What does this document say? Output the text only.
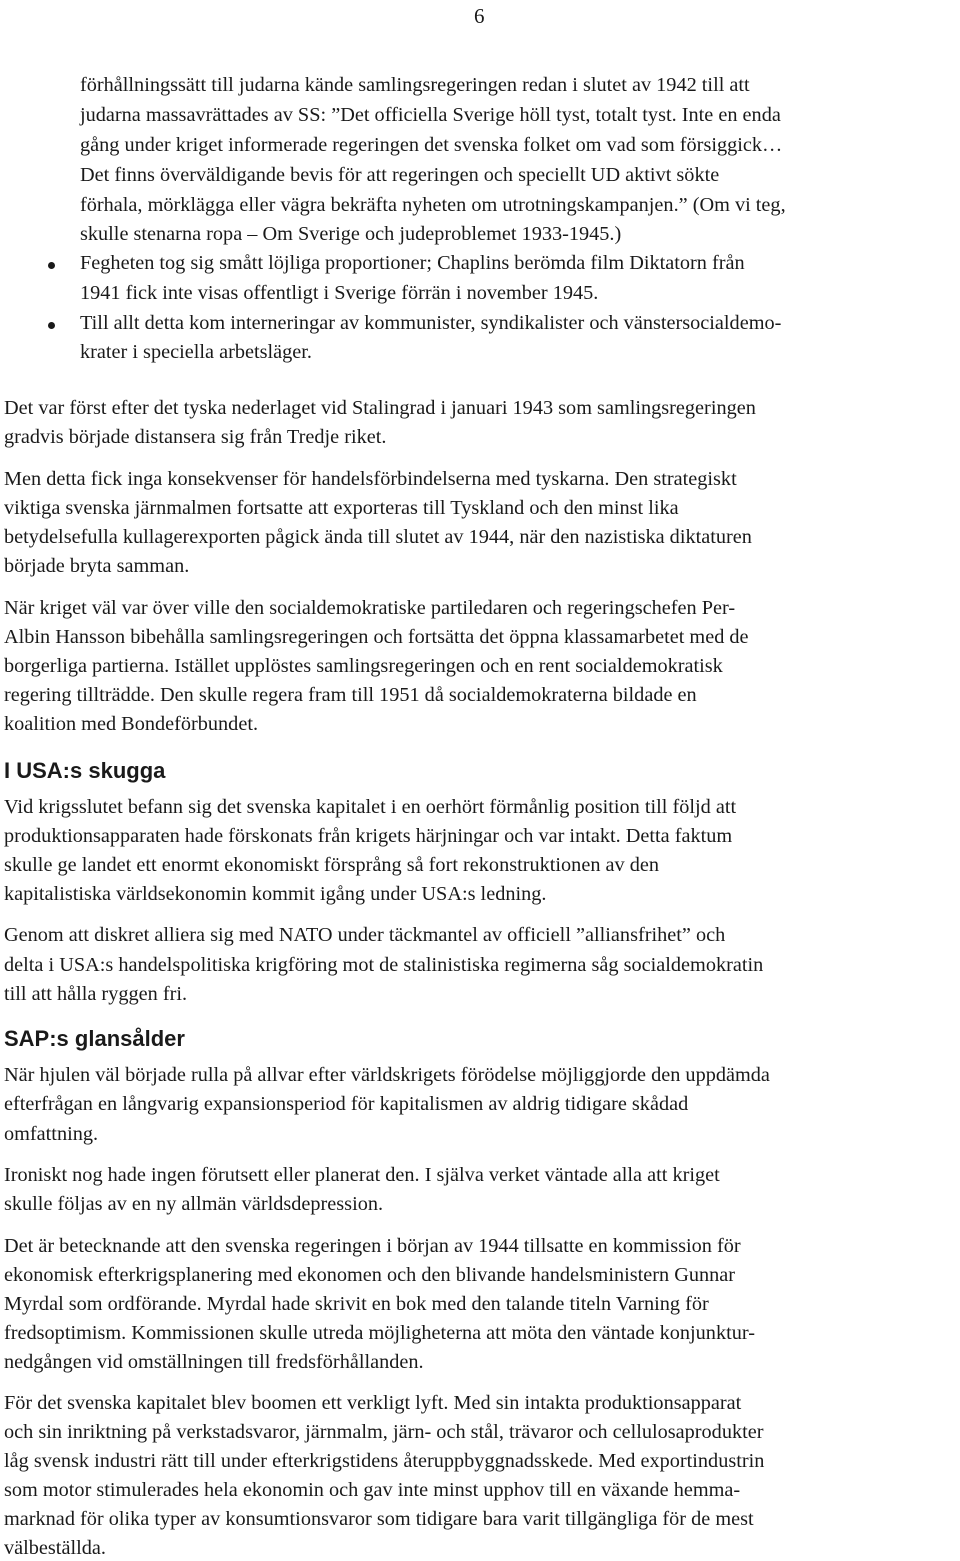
6
förhållningssätt till judarna kände samlingsregeringen redan i slutet av 1942 till att
judarna massavrättades av SS: ”Det officiella Sverige höll tyst, totalt tyst. Inte en enda
gång under kriget informerade regeringen det svenska folket om vad som försiggick…
Det finns överväldigande bevis för att regeringen och speciellt UD aktivt sökte
förhala, mörklägga eller vägra bekräfta nyheten om utrotningskampanjen.” (Om vi teg,
skulle stenarna ropa – Om Sverige och judeproblemet 1933-1945.)
Fegheten tog sig smått löjliga proportioner; Chaplins berömda film Diktatorn från
1941 fick inte visas offentligt i Sverige förrän i november 1945.
Till allt detta kom interneringar av kommunister, syndikalister och vänstersocialdemo-
krater i speciella arbetsläger.
Det var först efter det tyska nederlaget vid Stalingrad i januari 1943 som samlingsregeringen
gradvis började distansera sig från Tredje riket.
Men detta fick inga konsekvenser för handelsförbindelserna med tyskarna. Den strategiskt
viktiga svenska järnmalmen fortsatte att exporteras till Tyskland och den minst lika
betydelsefulla kullagerexporten pågick ända till slutet av 1944, när den nazistiska diktaturen
började bryta samman.
När kriget väl var över ville den socialdemokratiske partiledaren och regeringschefen Per-
Albin Hansson bibehålla samlingsregeringen och fortsätta det öppna klassamarbetet med de
borgerliga partierna. Istället upplöstes samlingsregeringen och en rent socialdemokratisk
regering tillträdde. Den skulle regera fram till 1951 då socialdemokraterna bildade en
koalition med Bondeförbundet.
I USA:s skugga
Vid krigsslutet befann sig det svenska kapitalet i en oerhört förmånlig position till följd att
produktionsapparaten hade förskonats från krigets härjningar och var intakt. Detta faktum
skulle ge landet ett enormt ekonomiskt försprång så fort rekonstruktionen av den
kapitalistiska världsekonomin kommit igång under USA:s ledning.
Genom att diskret alliera sig med NATO under täckmantel av officiell ”alliansfrihet” och
delta i USA:s handelspolitiska krigföring mot de stalinistiska regimerna såg socialdemokratin
till att hålla ryggen fri.
SAP:s glansålder
När hjulen väl började rulla på allvar efter världskrigets förödelse möjliggjorde den uppdämda
efterfrågan en långvarig expansionsperiod för kapitalismen av aldrig tidigare skådad
omfattning.
Ironiskt nog hade ingen förutsett eller planerat den. I själva verket väntade alla att kriget
skulle följas av en ny allmän världsdepression.
Det är betecknande att den svenska regeringen i början av 1944 tillsatte en kommission för
ekonomisk efterkrigsplanering med ekonomen och den blivande handelsministern Gunnar
Myrdal som ordförande. Myrdal hade skrivit en bok med den talande titeln Varning för
fredsoptimism. Kommissionen skulle utreda möjligheterna att möta den väntade konjunktur-
nedgången vid omställningen till fredsförhållanden.
För det svenska kapitalet blev boomen ett verkligt lyft. Med sin intakta produktionsapparat
och sin inriktning på verkstadsvaror, järnmalm, järn- och stål, trävaror och cellulosaprodukter
låg svensk industri rätt till under efterkrigstidens återuppbyggnadsskede. Med exportindustrin
som motor stimulerades hela ekonomin och gav inte minst upphov till en växande hemma-
marknad för olika typer av konsumtionsvaror som tidigare bara varit tillgängliga för de mest
välbeställda.
